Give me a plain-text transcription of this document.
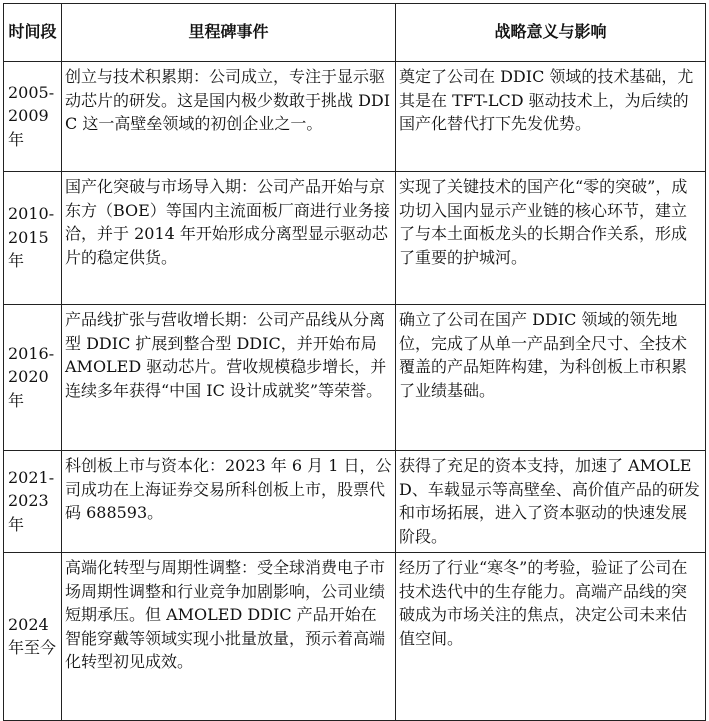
时间段	里程碑事件	战略意义与影响
2005-2009年	创立与技术积累期：公司成立，专注于显示驱动芯片的研发。这是国内极少数敢于挑战 DDIC 这一高壁垒领域的初创企业之一。	奠定了公司在 DDIC 领域的技术基础，尤其是在 TFT-LCD 驱动技术上，为后续的国产化替代打下先发优势。
2010-2015年	国产化突破与市场导入期：公司产品开始与京东方（BOE）等国内主流面板厂商进行业务接洽，并于 2014 年开始形成分离型显示驱动芯片的稳定供货。	实现了关键技术的国产化“零的突破”，成功切入国内显示产业链的核心环节，建立了与本土面板龙头的长期合作关系，形成了重要的护城河。
2016-2020年	产品线扩张与营收增长期：公司产品线从分离型 DDIC 扩展到整合型 DDIC，并开始布局 AMOLED 驱动芯片。营收规模稳步增长，并连续多年获得“中国 IC 设计成就奖”等荣誉。	确立了公司在国产 DDIC 领域的领先地位，完成了从单一产品到全尺寸、全技术覆盖的产品矩阵构建，为科创板上市积累了业绩基础。
2021-2023年	科创板上市与资本化：2023 年 6 月 1 日，公司成功在上海证券交易所科创板上市，股票代码 688593。	获得了充足的资本支持，加速了 AMOLED、车载显示等高壁垒、高价值产品的研发和市场拓展，进入了资本驱动的快速发展阶段。
2024年至今	高端化转型与周期性调整：受全球消费电子市场周期性调整和行业竞争加剧影响，公司业绩短期承压。但 AMOLED DDIC 产品开始在智能穿戴等领域实现小批量放量，预示着高端化转型初见成效。	经历了行业“寒冬”的考验，验证了公司在技术迭代中的生存能力。高端产品线的突破成为市场关注的焦点，决定公司未来估值空间。
